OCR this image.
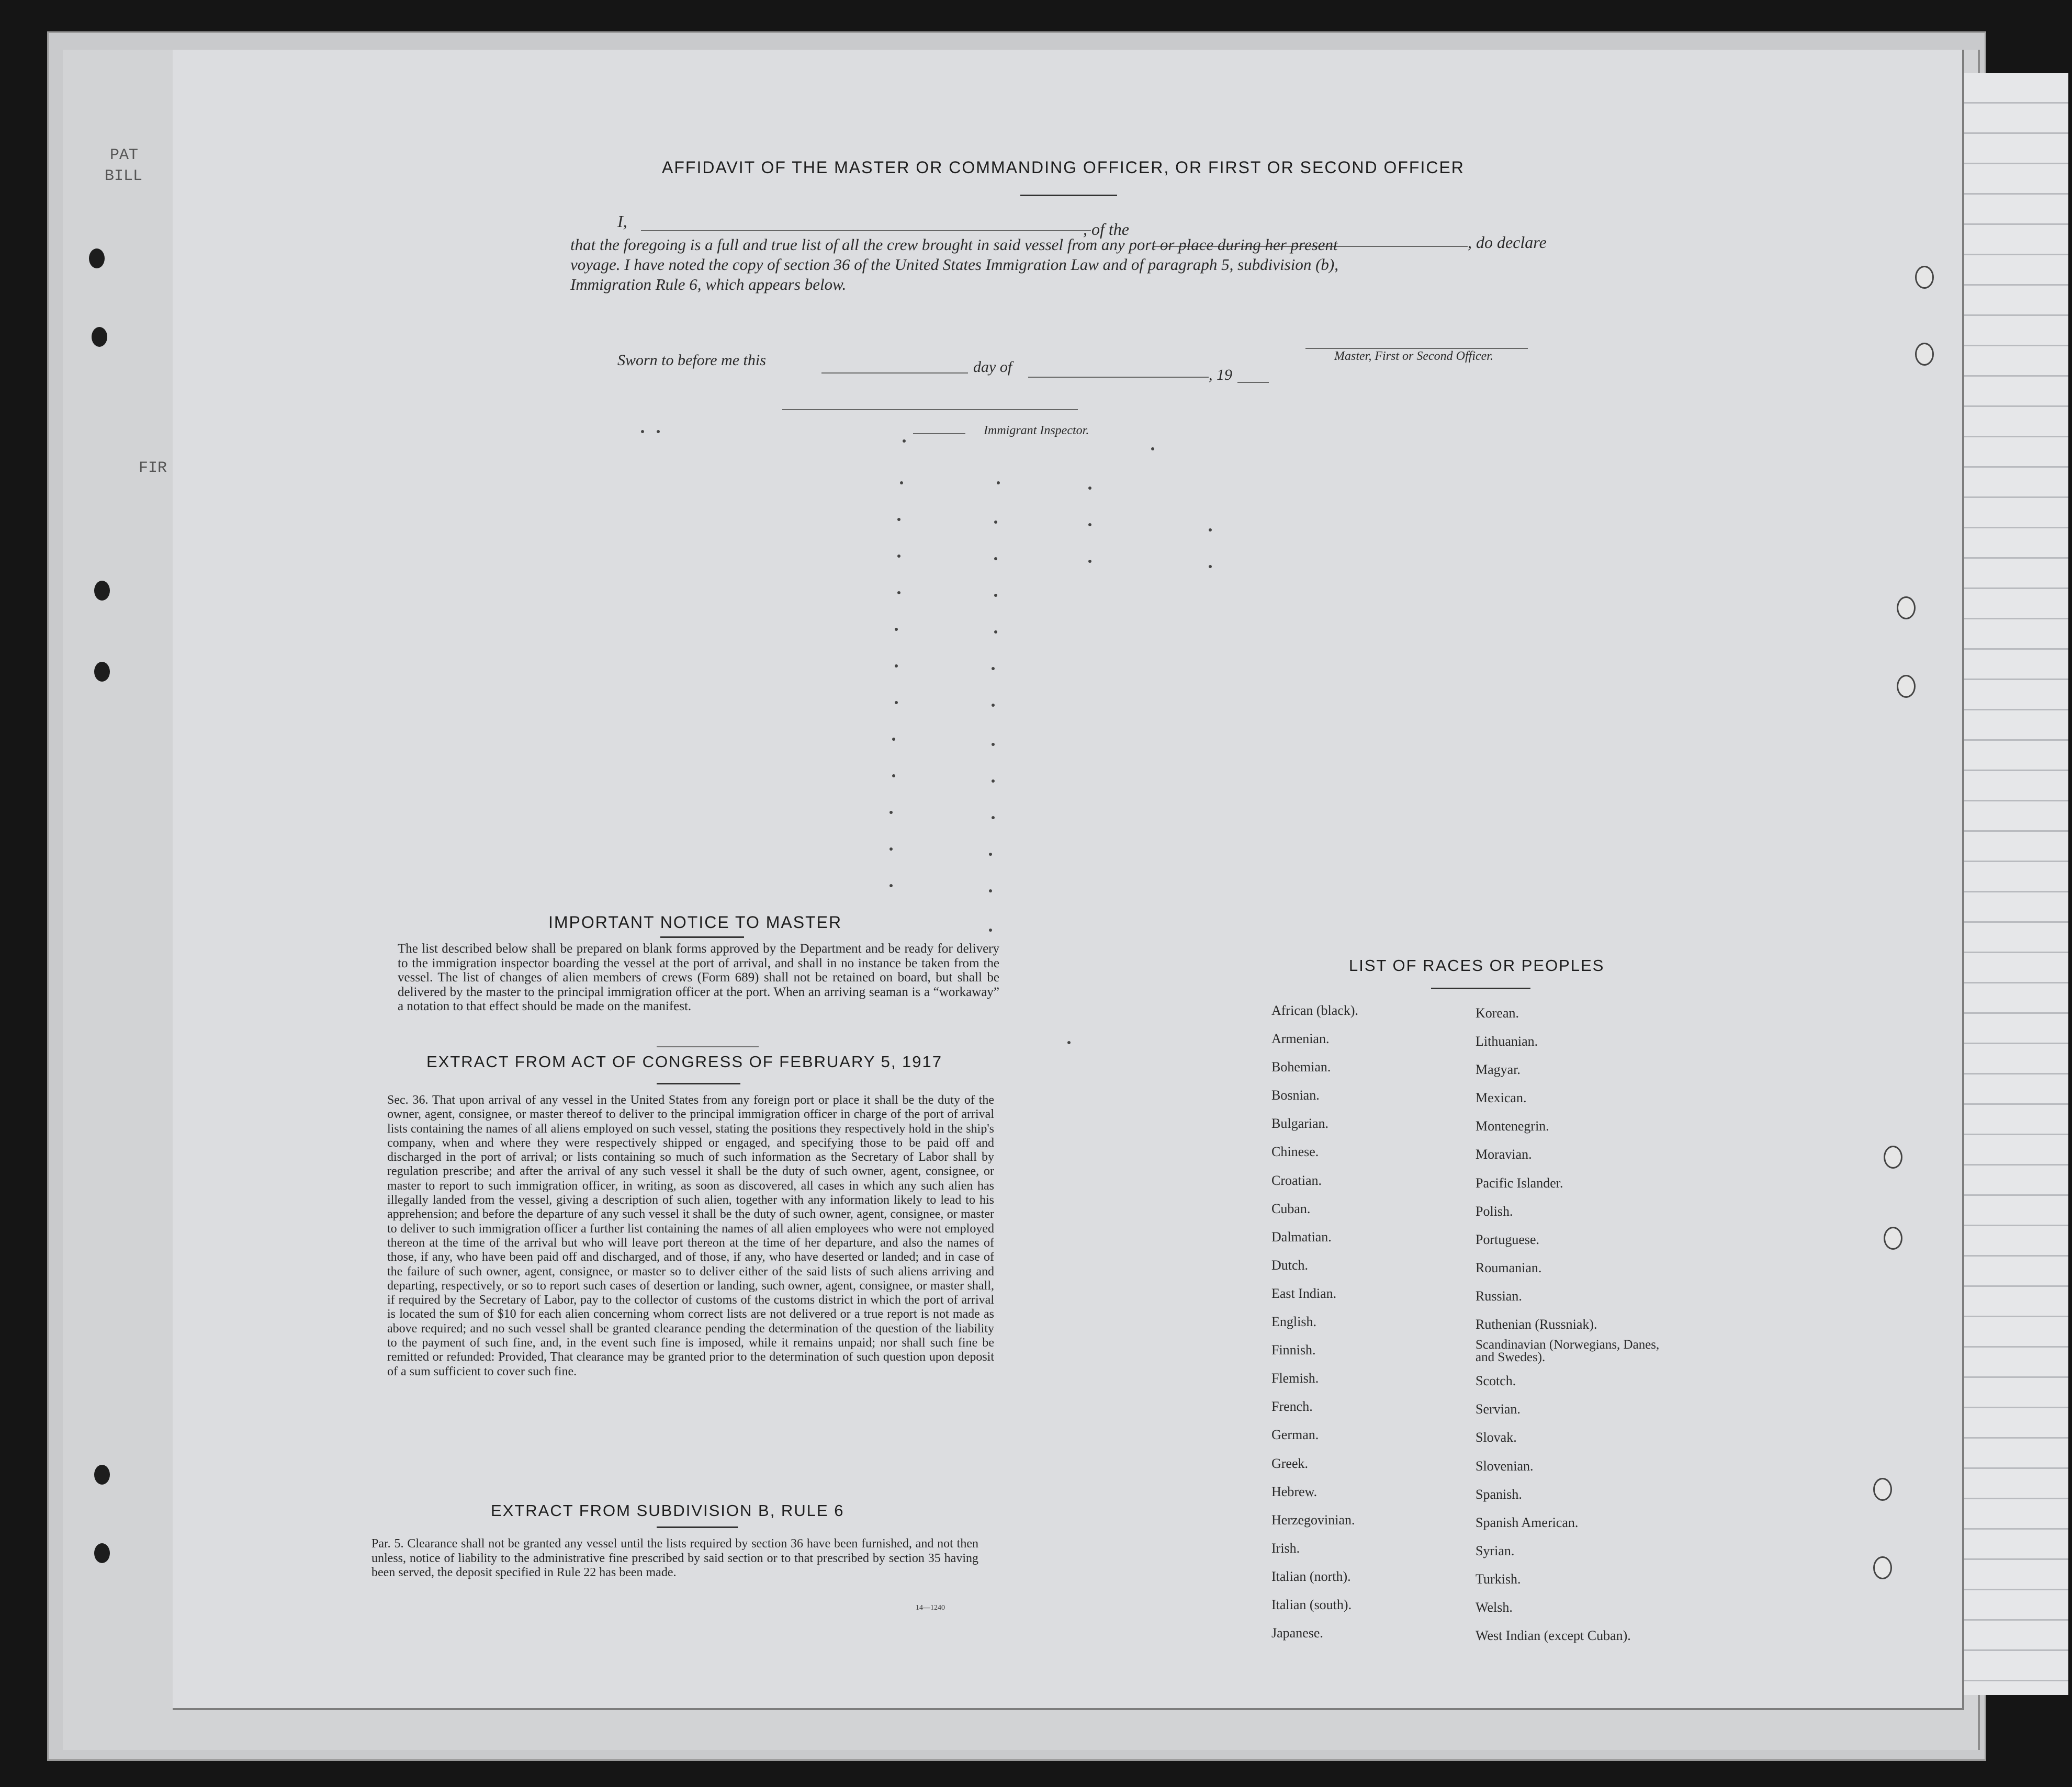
PAT
BILL
FIR
AFFIDAVIT OF THE MASTER OR COMMANDING OFFICER, OR FIRST OR SECOND OFFICER
I,	, of the
, do declare
that the foregoing is a full and true list of all the crew brought in said vessel from any port or place during her present
voyage. I have noted the copy of section 36 of the United States Immigration Law and of paragraph 5, subdivision (b),
Immigration Rule 6, which appears below.
Master, First or Second Officer.
Sworn to before me this	day of	, 19
Immigrant Inspector.
IMPORTANT NOTICE TO MASTER

The list described below shall be prepared on blank forms approved by the Department and be ready for delivery to the immigration inspector boarding the vessel at the port of arrival, and shall in no instance be taken from the vessel. The list of changes of alien members of crews (Form 689) shall not be retained on board, but shall be delivered by the master to the principal immigration officer at the port. When an arriving seaman is a “workaway” a notation to that effect should be made on the manifest.

EXTRACT FROM ACT OF CONGRESS OF FEBRUARY 5, 1917

Sec. 36. That upon arrival of any vessel in the United States from any foreign port or place it shall be the duty of the owner, agent, consignee, or master thereof to deliver to the principal immigration officer in charge of the port of arrival lists containing the names of all aliens employed on such vessel, stating the positions they respectively hold in the ship's company, when and where they were respectively shipped or engaged, and specifying those to be paid off and discharged in the port of arrival; or lists containing so much of such information as the Secretary of Labor shall by regulation prescribe; and after the arrival of any such vessel it shall be the duty of such owner, agent, consignee, or master to report to such immigration officer, in writing, as soon as discovered, all cases in which any such alien has illegally landed from the vessel, giving a description of such alien, together with any information likely to lead to his apprehension; and before the departure of any such vessel it shall be the duty of such owner, agent, consignee, or master to deliver to such immigration officer a further list containing the names of all alien employees who were not employed thereon at the time of the arrival but who will leave port thereon at the time of her departure, and also the names of those, if any, who have been paid off and discharged, and of those, if any, who have deserted or landed; and in case of the failure of such owner, agent, consignee, or master so to deliver either of the said lists of such aliens arriving and departing, respectively, or so to report such cases of desertion or landing, such owner, agent, consignee, or master shall, if required by the Secretary of Labor, pay to the collector of customs of the customs district in which the port of arrival is located the sum of $10 for each alien concerning whom correct lists are not delivered or a true report is not made as above required; and no such vessel shall be granted clearance pending the determination of the question of the liability to the payment of such fine, and, in the event such fine is imposed, while it remains unpaid; nor shall such fine be remitted or refunded: Provided, That clearance may be granted prior to the determination of such question upon deposit of a sum sufficient to cover such fine.

EXTRACT FROM SUBDIVISION B, RULE 6

Par. 5. Clearance shall not be granted any vessel until the lists required by section 36 have been furnished, and not then unless, notice of liability to the administrative fine prescribed by said section or to that prescribed by section 35 having been served, the deposit specified in Rule 22 has been made.

14—1240
LIST OF RACES OR PEOPLES
African (black).
Armenian.
Bohemian.
Bosnian.
Bulgarian.
Chinese.
Croatian.
Cuban.
Dalmatian.
Dutch.
East Indian.
English.
Finnish.
Flemish.
French.
German.
Greek.
Hebrew.
Herzegovinian.
Irish.
Italian (north).
Italian (south).
Japanese.
Korean.
Lithuanian.
Magyar.
Mexican.
Montenegrin.
Moravian.
Pacific Islander.
Polish.
Portuguese.
Roumanian.
Russian.
Ruthenian (Russniak).
Scandinavian (Norwegians, Danes, and Swedes).
Scotch.
Servian.
Slovak.
Slovenian.
Spanish.
Spanish American.
Syrian.
Turkish.
Welsh.
West Indian (except Cuban).
